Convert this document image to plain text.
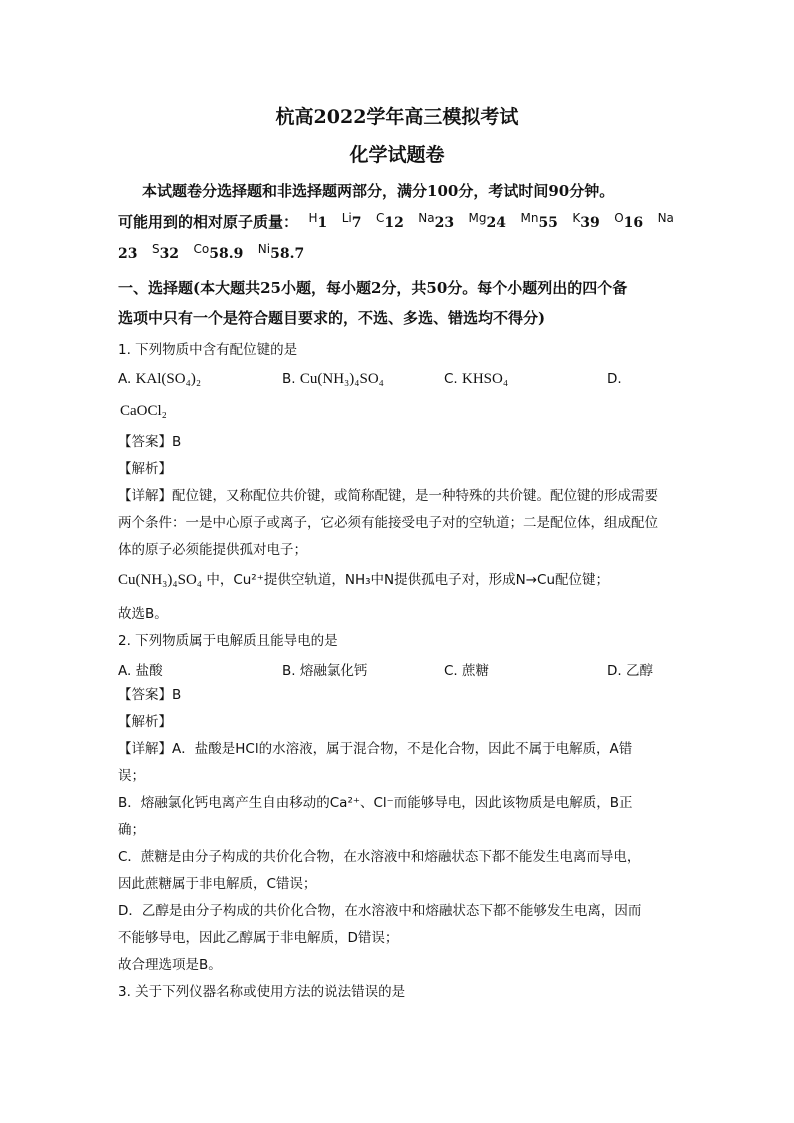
杭高2022学年高三模拟考试
化学试题卷
本试题卷分选择题和非选择题两部分，满分100分，考试时间90分钟。
可能用到的相对原子质量： H1 Li7 C12 Na23 Mg24 Mn55 K39 O16 Na
23 S32 Co58.9 Ni58.7
一、选择题(本大题共25小题，每小题2分，共50分。每个小题列出的四个备
选项中只有一个是符合题目要求的，不选、多选、错选均不得分)
1. 下列物质中含有配位键的是
A. KAl(SO₄)₂	B. Cu(NH₃)₄SO₄	C. KHSO₄	D.
CaOCl₂
【答案】B
【解析】
【详解】配位键，又称配位共价键，或简称配键，是一种特殊的共价键。配位键的形成需要
两个条件：一是中心原子或离子，它必须有能接受电子对的空轨道；二是配位体，组成配位
体的原子必须能提供孤对电子；
Cu(NH₃)₄SO₄ 中，Cu²⁺提供空轨道，NH₃中N提供孤电子对，形成N→Cu配位键；
故选B。
2. 下列物质属于电解质且能导电的是
A. 盐酸	B. 熔融氯化钙	C. 蔗糖	D. 乙醇
【答案】B
【解析】
【详解】A．盐酸是HCl的水溶液，属于混合物，不是化合物，因此不属于电解质，A错
误；
B．熔融氯化钙电离产生自由移动的Ca²⁺、Cl⁻而能够导电，因此该物质是电解质，B正
确；
C．蔗糖是由分子构成的共价化合物，在水溶液中和熔融状态下都不能发生电离而导电，
因此蔗糖属于非电解质，C错误；
D．乙醇是由分子构成的共价化合物，在水溶液中和熔融状态下都不能够发生电离，因而
不能够导电，因此乙醇属于非电解质，D错误；
故合理选项是B。
3. 关于下列仪器名称或使用方法的说法错误的是
